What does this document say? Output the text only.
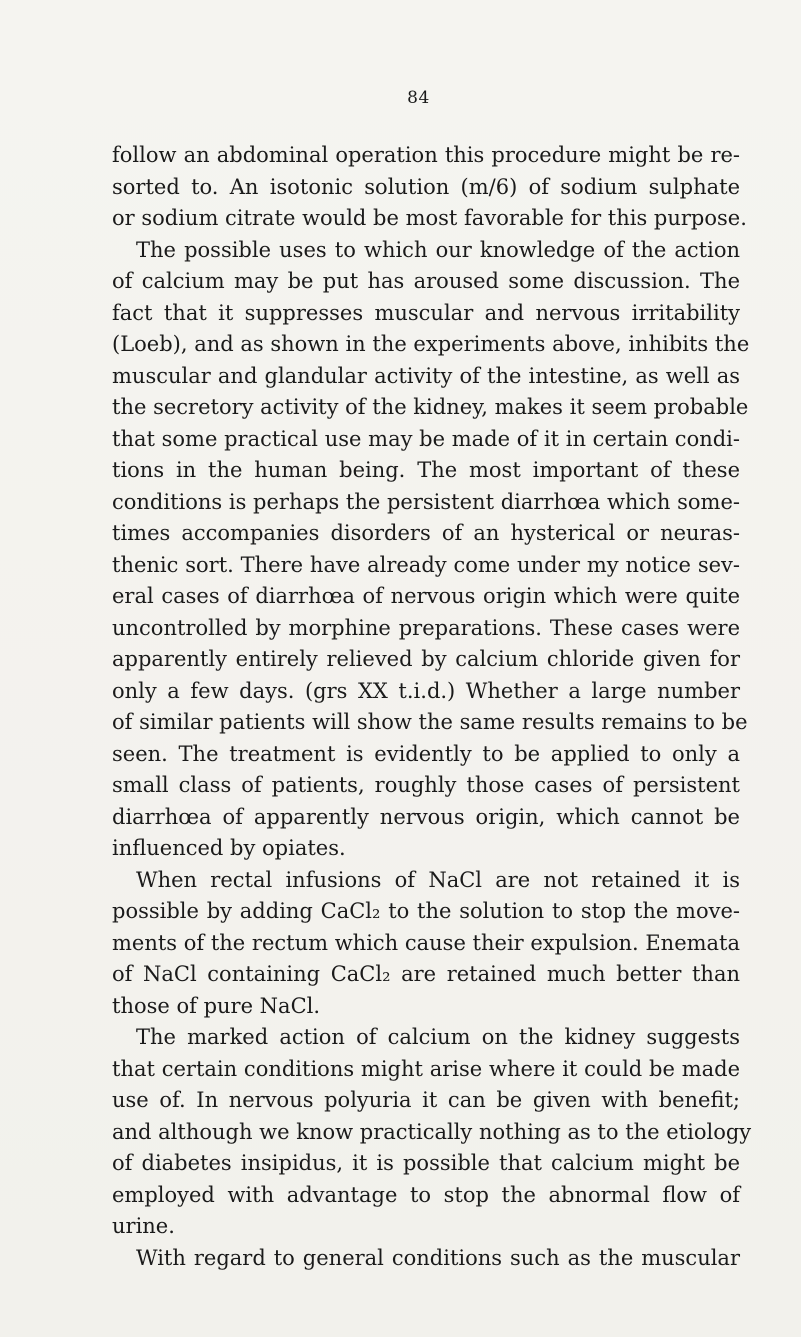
84
follow an abdominal operation this procedure might be re-
sorted to. An isotonic solution (m/6) of sodium sulphate
or sodium citrate would be most favorable for this purpose.
The possible uses to which our knowledge of the action
of calcium may be put has aroused some discussion. The
fact that it suppresses muscular and nervous irritability
(Loeb), and as shown in the experiments above, inhibits the
muscular and glandular activity of the intestine, as well as
the secretory activity of the kidney, makes it seem probable
that some practical use may be made of it in certain condi-
tions in the human being. The most important of these
conditions is perhaps the persistent diarrhœa which some-
times accompanies disorders of an hysterical or neuras-
thenic sort. There have already come under my notice sev-
eral cases of diarrhœa of nervous origin which were quite
uncontrolled by morphine preparations. These cases were
apparently entirely relieved by calcium chloride given for
only a few days. (grs XX t.i.d.) Whether a large number
of similar patients will show the same results remains to be
seen. The treatment is evidently to be applied to only a
small class of patients, roughly those cases of persistent
diarrhœa of apparently nervous origin, which cannot be
influenced by opiates.
When rectal infusions of NaCl are not retained it is
possible by adding CaCl₂ to the solution to stop the move-
ments of the rectum which cause their expulsion. Enemata
of NaCl containing CaCl₂ are retained much better than
those of pure NaCl.
The marked action of calcium on the kidney suggests
that certain conditions might arise where it could be made
use of. In nervous polyuria it can be given with benefit;
and although we know practically nothing as to the etiology
of diabetes insipidus, it is possible that calcium might be
employed with advantage to stop the abnormal flow of
urine.
With regard to general conditions such as the muscular
